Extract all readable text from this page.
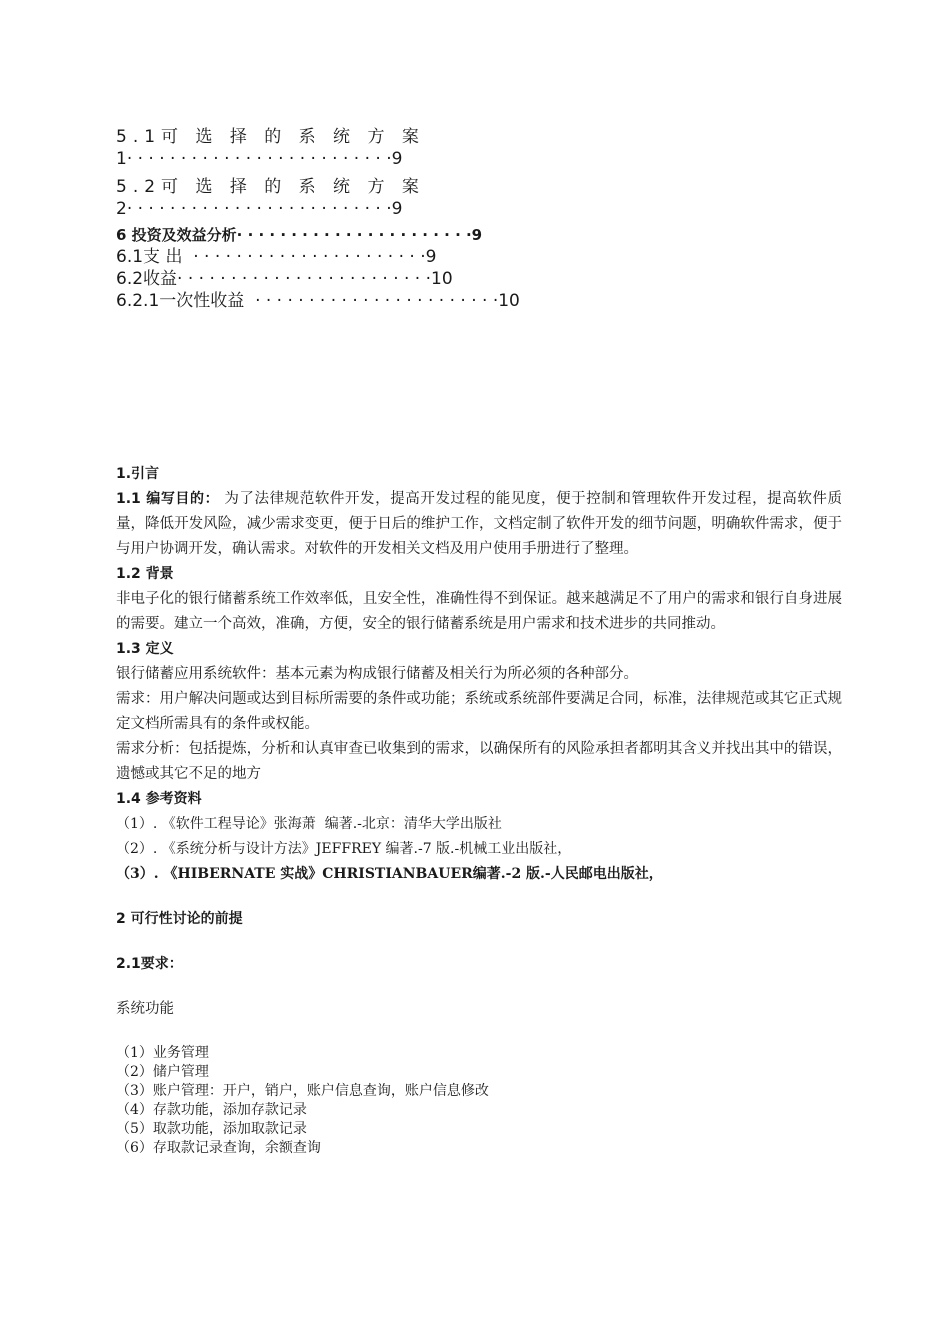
5.1可 选 择 的 系 统 方 案
1· · · · · · · · · · · · · · · · · · · · · · · · ·9
5.2可 选 择 的 系 统 方 案
2· · · · · · · · · · · · · · · · · · · · · · · · ·9
6 投资及效益分析· · · · · · · · · · · · · · · · · · · · · ·9
6.1支 出  · · · · · · · · · · · · · · · · · · · · · ·9
6.2收益· · · · · · · · · · · · · · · · · · · · · · · ·10
6.2.1一次性收益  · · · · · · · · · · · · · · · · · · · · · · ·10

1.引言

1.1 编写目的： 为了法律规范软件开发，提高开发过程的能见度，便于控制和管理软件开发过程，提高软件质量，降低开发风险，减少需求变更，便于日后的维护工作，文档定制了软件开发的细节问题，明确软件需求，便于与用户协调开发，确认需求。对软件的开发相关文档及用户使用手册进行了整理。

1.2 背景

非电子化的银行储蓄系统工作效率低，且安全性，准确性得不到保证。越来越满足不了用户的需求和银行自身进展的需要。建立一个高效，准确，方便，安全的银行储蓄系统是用户需求和技术进步的共同推动。

1.3 定义

银行储蓄应用系统软件：基本元素为构成银行储蓄及相关行为所必须的各种部分。

需求：用户解决问题或达到目标所需要的条件或功能；系统或系统部件要满足合同，标准，法律规范或其它正式规定文档所需具有的条件或权能。

需求分析：包括提炼，分析和认真审查已收集到的需求，以确保所有的风险承担者都明其含义并找出其中的错误，遗憾或其它不足的地方

1.4 参考资料

（1）. 《软件工程导论》张海萧  编著.-北京：清华大学出版社

（2）. 《系统分析与设计方法》JEFFREY 编著.-7 版.-机械工业出版社，

（3）. 《HIBERNATE 实战》CHRISTIANBAUER编著.-2 版.-人民邮电出版社，

2 可行性讨论的前提

2.1要求：

系统功能

（1）业务管理

（2）储户管理

（3）账户管理：开户，销户，账户信息查询，账户信息修改

（4）存款功能，添加存款记录

（5）取款功能，添加取款记录

（6）存取款记录查询，余额查询
